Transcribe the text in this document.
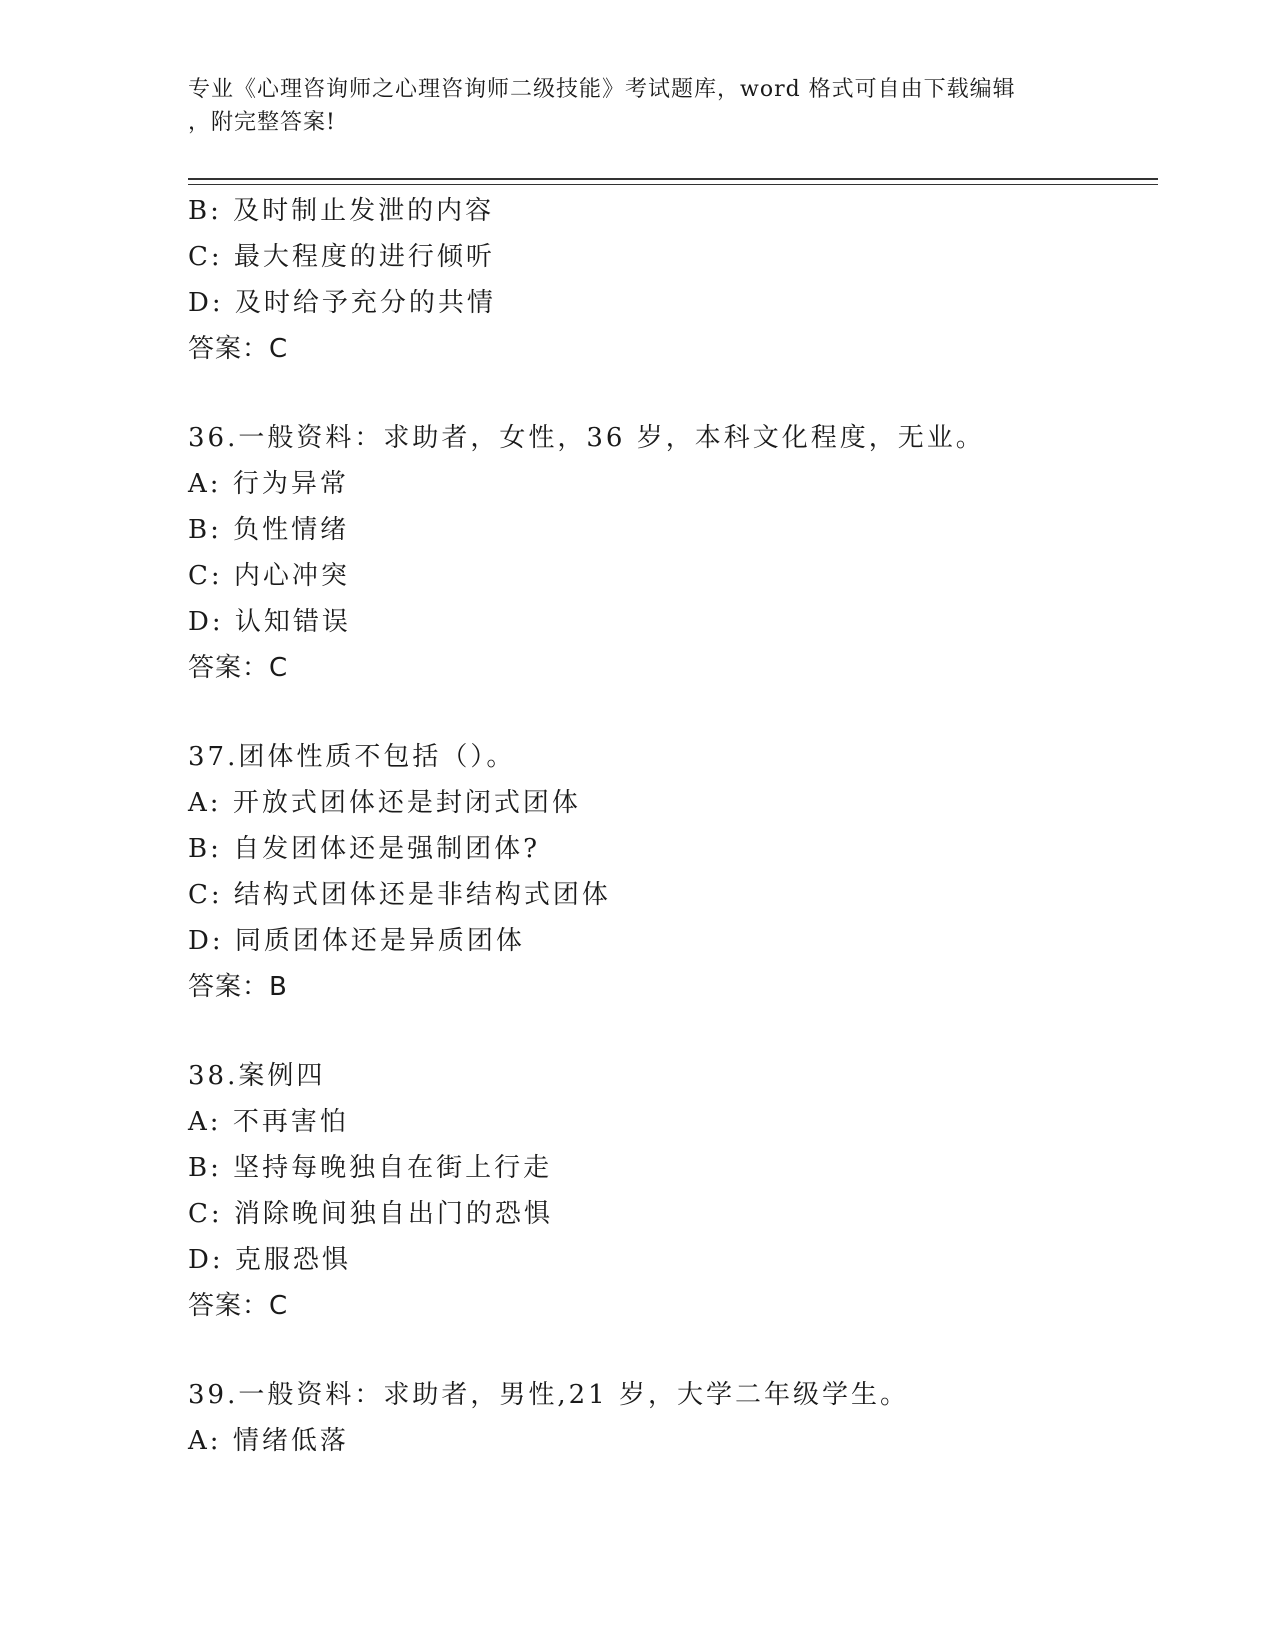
专业《心理咨询师之心理咨询师二级技能》考试题库，word 格式可自由下载编辑
，附完整答案!
B: 及时制止发泄的内容
C: 最大程度的进行倾听
D: 及时给予充分的共情
答案：C
36.一般资料：求助者，女性，36 岁，本科文化程度，无业。
A: 行为异常
B: 负性情绪
C: 内心冲突
D: 认知错误
答案：C
37.团体性质不包括（）。
A: 开放式团体还是封闭式团体
B: 自发团体还是强制团体?
C: 结构式团体还是非结构式团体
D: 同质团体还是异质团体
答案：B
38.案例四
A: 不再害怕
B: 坚持每晚独自在街上行走
C: 消除晚间独自出门的恐惧
D: 克服恐惧
答案：C
39.一般资料：求助者，男性,21 岁，大学二年级学生。
A: 情绪低落
